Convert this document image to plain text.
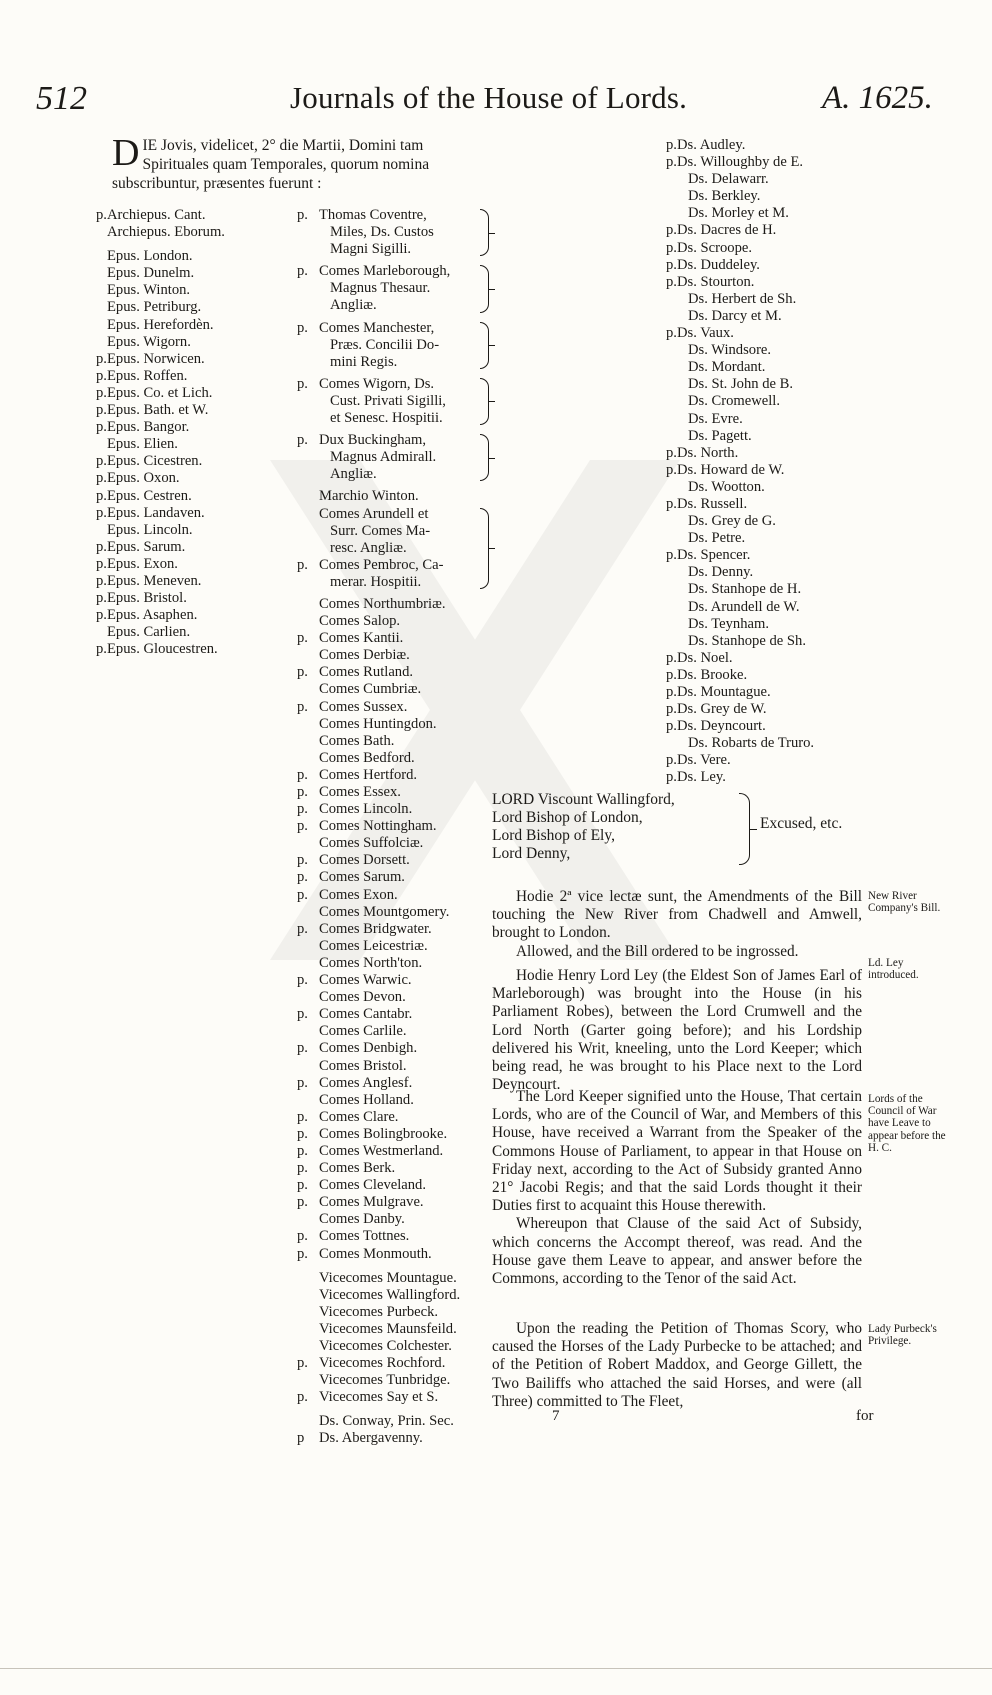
512	Journals of the House of Lords.	A. 1625.
DIE Jovis, videlicet, 2° die Martii, Domini tam Spirituales quam Temporales, quorum nomina subscribuntur, præsentes fuerunt :
p.Archiepus. Cant.
Archiepus. Eborum.
Epus. London.
Epus. Dunelm.
Epus. Winton.
Epus. Petriburg.
Epus. Herefordèn.
Epus. Wigorn.
p.Epus. Norwicen.
p.Epus. Roffen.
p.Epus. Co. et Lich.
p.Epus. Bath. et W.
p.Epus. Bangor.
Epus. Elien.
p.Epus. Cicestren.
p.Epus. Oxon.
p.Epus. Cestren.
p.Epus. Landaven.
Epus. Lincoln.
p.Epus. Sarum.
p.Epus. Exon.
p.Epus. Meneven.
p.Epus. Bristol.
p.Epus. Asaphen.
Epus. Carlien.
p.Epus. Gloucestren.
p. Thomas Coventre,
Miles, Ds. Custos
Magni Sigilli.
p. Comes Marleborough,
Magnus Thesaur.
Angliæ.
p. Comes Manchester,
Præs. Concilii Do-
mini Regis.
p. Comes Wigorn, Ds.
Cust. Privati Sigilli,
et Senesc. Hospitii.
p. Dux Buckingham,
Magnus Admirall.
Angliæ.
Marchio Winton.
Comes Arundell et
Surr. Comes Ma-
resc. Angliæ.
p. Comes Pembroc, Ca-
merar. Hospitii.
Comes Northumbriæ.
Comes Salop.
p. Comes Kantii.
Comes Derbiæ.
p. Comes Rutland.
Comes Cumbriæ.
p. Comes Sussex.
Comes Huntingdon.
Comes Bath.
Comes Bedford.
p. Comes Hertford.
p. Comes Essex.
p. Comes Lincoln.
p. Comes Nottingham.
Comes Suffolciæ.
p. Comes Dorsett.
p. Comes Sarum.
p. Comes Exon.
Comes Mountgomery.
p. Comes Bridgwater.
Comes Leicestriæ.
Comes North'ton.
p. Comes Warwic.
Comes Devon.
p. Comes Cantabr.
Comes Carlile.
p. Comes Denbigh.
Comes Bristol.
p. Comes Anglesf.
Comes Holland.
p. Comes Clare.
p. Comes Bolingbrooke.
p. Comes Westmerland.
p. Comes Berk.
p. Comes Cleveland.
p. Comes Mulgrave.
Comes Danby.
p. Comes Tottnes.
p. Comes Monmouth.
Vicecomes Mountague.
Vicecomes Wallingford.
Vicecomes Purbeck.
Vicecomes Maunsfeild.
Vicecomes Colchester.
p. Vicecomes Rochford.
Vicecomes Tunbridge.
p. Vicecomes Say et S.
Ds. Conway, Prin. Sec.
p Ds. Abergavenny.
p.Ds. Audley.
p.Ds. Willoughby de E.
Ds. Delawarr.
Ds. Berkley.
Ds. Morley et M.
p.Ds. Dacres de H.
p.Ds. Scroope.
p.Ds. Duddeley.
p.Ds. Stourton.
Ds. Herbert de Sh.
Ds. Darcy et M.
p.Ds. Vaux.
Ds. Windsore.
Ds. Mordant.
Ds. St. John de B.
Ds. Cromewell.
Ds. Evre.
Ds. Pagett.
p.Ds. North.
p.Ds. Howard de W.
Ds. Wootton.
p.Ds. Russell.
Ds. Grey de G.
Ds. Petre.
p.Ds. Spencer.
Ds. Denny.
Ds. Stanhope de H.
Ds. Arundell de W.
Ds. Teynham.
Ds. Stanhope de Sh.
p.Ds. Noel.
p.Ds. Brooke.
p.Ds. Mountague.
p.Ds. Grey de W.
p.Ds. Deyncourt.
Ds. Robarts de Truro.
p.Ds. Vere.
p.Ds. Ley.
LORD Viscount Wallingford,
Lord Bishop of London,
Lord Bishop of Ely,
Lord Denny,
Excused, etc.

Hodie 2ª vice lectæ sunt, the Amendments of the Bill touching the New River from Chadwell and Amwell, brought to London.

Allowed, and the Bill ordered to be ingrossed.

New River Company's Bill.

Hodie Henry Lord Ley (the Eldest Son of James Earl of Marleborough) was brought into the House (in his Parliament Robes), between the Lord Crumwell and the Lord North (Garter going before); and his Lordship delivered his Writ, kneeling, unto the Lord Keeper; which being read, he was brought to his Place next to the Lord Deyncourt.

Ld. Ley introduced.

The Lord Keeper signified unto the House, That certain Lords, who are of the Council of War, and Members of this House, have received a Warrant from the Speaker of the Commons House of Parliament, to appear in that House on Friday next, according to the Act of Subsidy granted Anno 21° Jacobi Regis; and that the said Lords thought it their Duties first to acquaint this House therewith.

Whereupon that Clause of the said Act of Subsidy, which concerns the Accompt thereof, was read. And the House gave them Leave to appear, and answer before the Commons, according to the Tenor of the said Act.

Lords of the Council of War have Leave to appear before the H. C.

Upon the reading the Petition of Thomas Scory, who caused the Horses of the Lady Purbecke to be attached; and of the Petition of Robert Maddox, and George Gillett, the Two Bailiffs who attached the said Horses, and were (all Three) committed to The Fleet,

Lady Purbeck's Privilege.
7	for
